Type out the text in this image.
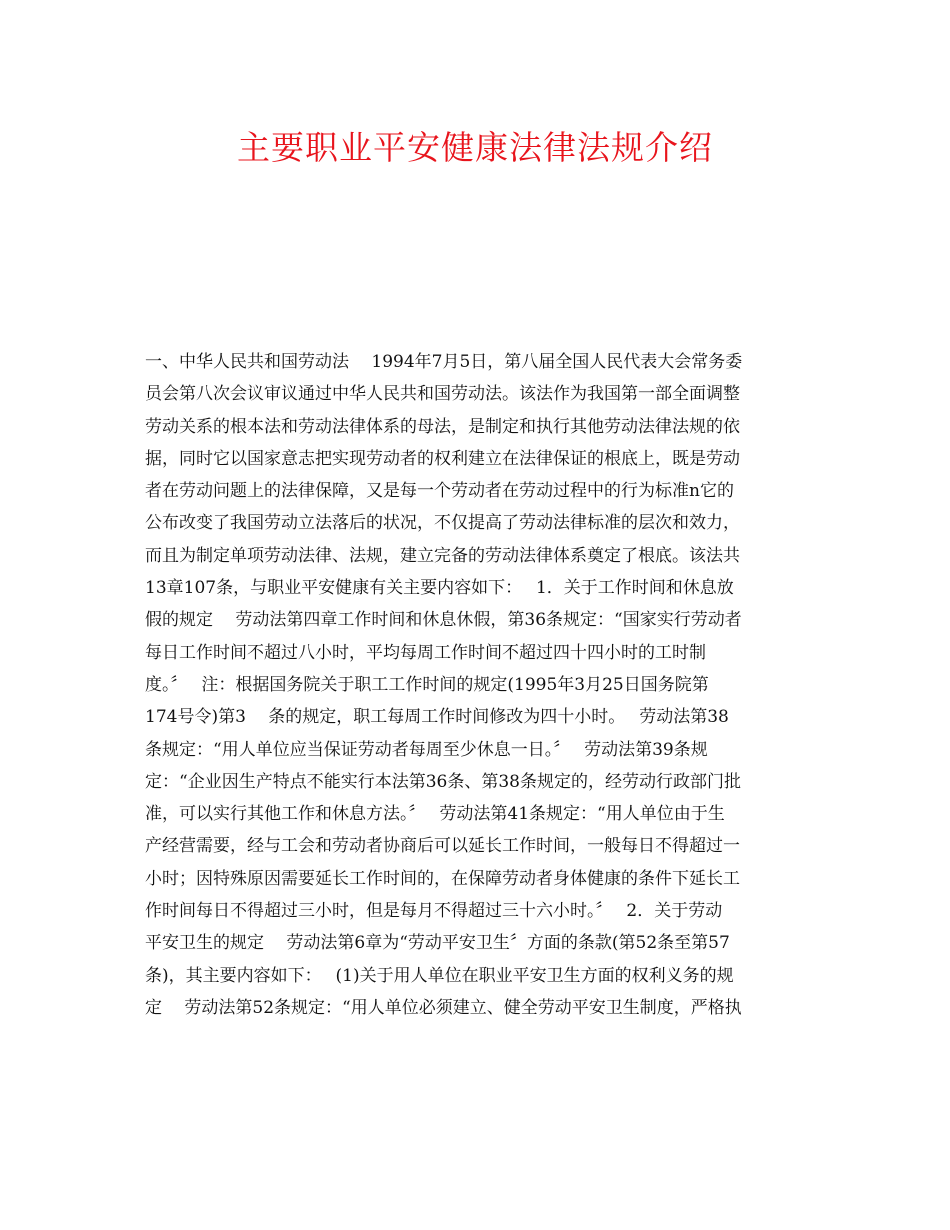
主要职业平安健康法律法规介绍
一、中华人民共和国劳动法　 1994年7月5日，第八届全国人民代表大会常务委
员会第八次会议审议通过中华人民共和国劳动法。该法作为我国第一部全面调整
劳动关系的根本法和劳动法律体系的母法，是制定和执行其他劳动法律法规的依
据，同时它以国家意志把实现劳动者的权利建立在法律保证的根底上，既是劳动
者在劳动问题上的法律保障，又是每一个劳动者在劳动过程中的行为标准n它的
公布改变了我国劳动立法落后的状况，不仅提高了劳动法律标准的层次和效力，
而且为制定单项劳动法律、法规，建立完备的劳动法律体系奠定了根底。该法共
13章107条，与职业平安健康有关主要内容如下：　 1．关于工作时间和休息放
假的规定　 劳动法第四章工作时间和休息休假，第36条规定：“国家实行劳动者
每日工作时间不超过八小时，平均每周工作时间不超过四十四小时的工时制
度。〞　 注：根据国务院关于职工工作时间的规定(1995年3月25日国务院第
174号令)第3　 条的规定，职工每周工作时间修改为四十小时。　 劳动法第38
条规定：“用人单位应当保证劳动者每周至少休息一日。〞　 劳动法第39条规
定：“企业因生产特点不能实行本法第36条、第38条规定的，经劳动行政部门批
准，可以实行其他工作和休息方法。〞　 劳动法第41条规定：“用人单位由于生
产经营需要，经与工会和劳动者协商后可以延长工作时间，一般每日不得超过一
小时；因特殊原因需要延长工作时间的，在保障劳动者身体健康的条件下延长工
作时间每日不得超过三小时，但是每月不得超过三十六小时。〞　 2．关于劳动
平安卫生的规定　 劳动法第6章为“劳动平安卫生〞方面的条款(第52条至第57
条)，其主要内容如下：　 (1)关于用人单位在职业平安卫生方面的权利义务的规
定　 劳动法第52条规定：“用人单位必须建立、健全劳动平安卫生制度，严格执
